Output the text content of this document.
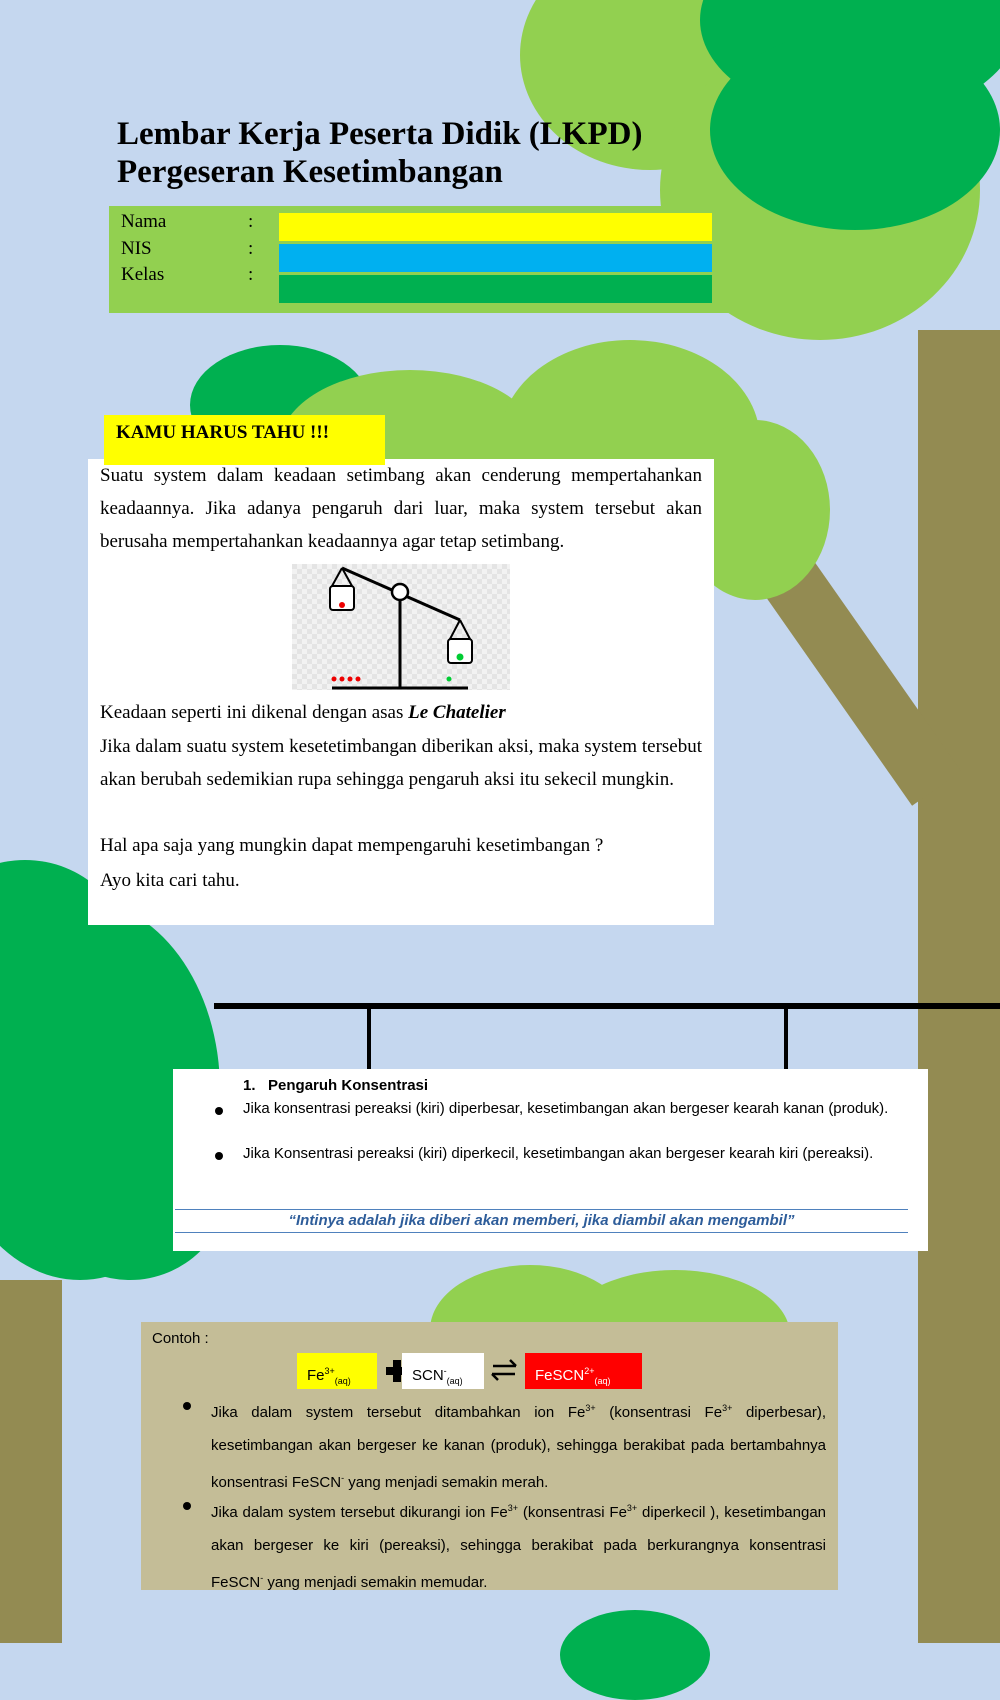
Lembar Kerja Peserta Didik (LKPD)
Pergeseran Kesetimbangan
Nama	:
NIS	:
Kelas	:

Suatu system dalam keadaan setimbang akan cenderung mempertahankan keadaannya. Jika adanya pengaruh dari luar, maka system tersebut akan berusaha mempertahankan keadaannya agar tetap setimbang.

Keadaan seperti ini dikenal dengan asas Le Chatelier

Jika dalam suatu system kesetetimbangan diberikan aksi, maka system tersebut akan berubah sedemikian rupa sehingga pengaruh aksi itu sekecil mungkin.

Hal apa saja yang mungkin dapat mempengaruhi kesetimbangan ?

Ayo kita cari tahu.

KAMU HARUS TAHU !!!
1. Pengaruh Konsentrasi
Jika konsentrasi pereaksi (kiri) diperbesar, kesetimbangan akan bergeser kearah kanan (produk).
Jika Konsentrasi pereaksi (kiri) diperkecil, kesetimbangan akan bergeser kearah kiri (pereaksi).
“Intinya adalah jika diberi akan memberi, jika diambil akan mengambil”
Contoh :
$Fe^{3+}_{(aq)}$	$SCN^-_{(aq)}$	⇌	FeSCN$^{2+}_{(aq)}$
Jika dalam system tersebut ditambahkan ion $Fe^{3+}$ (konsentrasi $Fe^{3+}$ diperbesar), kesetimbangan akan bergeser ke kanan (produk), sehingga berakibat pada bertambahnya konsentrasi FeSCN- yang menjadi semakin merah.
Jika dalam system tersebut dikurangi ion $Fe^{3+}$ (konsentrasi $Fe^{3+}$ diperkecil ), kesetimbangan akan bergeser ke kiri (pereaksi), sehingga berakibat pada berkurangnya konsentrasi FeSCN- yang menjadi semakin memudar.
